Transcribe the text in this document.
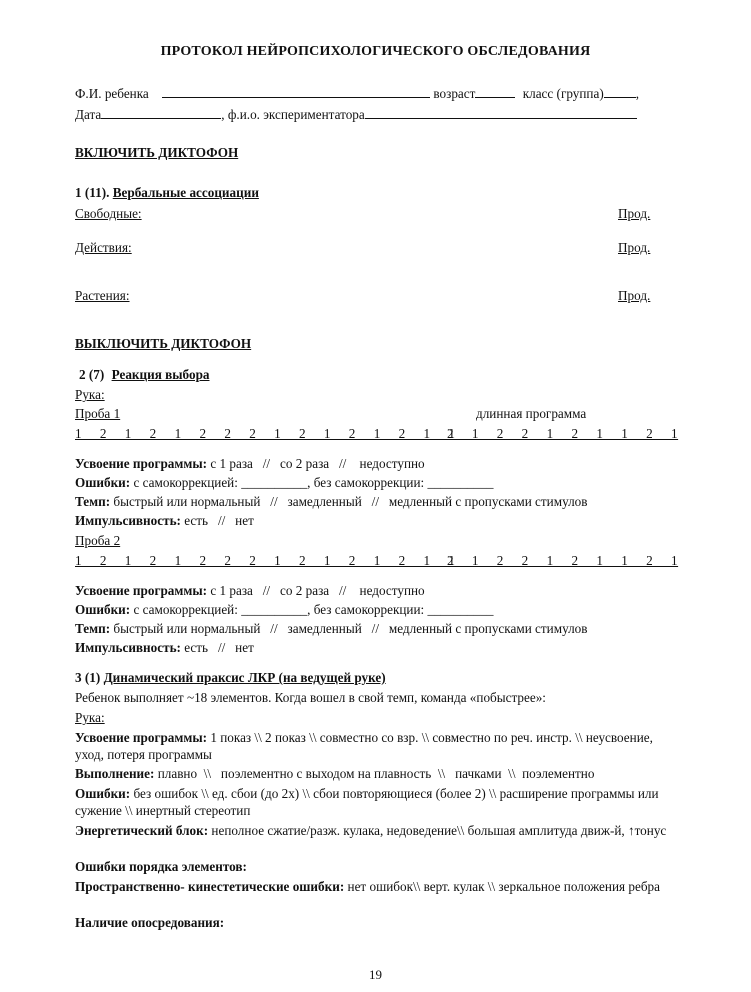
ПРОТОКОЛ НЕЙРОПСИХОЛОГИЧЕСКОГО ОБСЛЕДОВАНИЯ
Ф.И. ребенка	возраст	класс (группа) ,
Дата	, ф.и.о. экспериментатора
ВКЛЮЧИТЬ ДИКТОФОН
1 (11). Вербальные ассоциации
Свободные:	Прод.
Действия:	Прод.
Растения:	Прод.
ВЫКЛЮЧИТЬ ДИКТОФОН
2 (7) Реакция выбора
Рука:
Проба 1	длинная программа
1 2 1 2 1 2 2 2 1 2 1 2 1 2 1 1
2 1 2 2 1 2 1 1 2 1
Усвоение программы: с 1 раза   //   со 2 раза   //    недоступно
Ошибки: с самокоррекцией: __________, без самокоррекции: __________
Темп: быстрый или нормальный   //   замедленный   //   медленный с пропусками стимулов
Импульсивность: есть   //   нет
Проба 2
1 2 1 2 1 2 2 2 1 2 1 2 1 2 1 1
2 1 2 2 1 2 1 1 2 1
Усвоение программы: с 1 раза   //   со 2 раза   //    недоступно
Ошибки: с самокоррекцией: __________, без самокоррекции: __________
Темп: быстрый или нормальный   //   замедленный   //   медленный с пропусками стимулов
Импульсивность: есть   //   нет
3 (1) Динамический праксис ЛКР (на ведущей руке)
Ребенок выполняет ~18 элементов. Когда вошел в свой темп, команда «побыстрее»:
Рука:
Усвоение программы: 1 показ \\ 2 показ \\ совместно со взр. \\ совместно по реч. инстр. \\ неусвоение, уход, потеря программы
Выполнение: плавно  \\   поэлементно с выходом на плавность  \\   пачками  \\  поэлементно
Ошибки: без ошибок \\ ед. сбои (до 2х) \\ сбои повторяющиеся (более 2) \\ расширение программы или сужение \\ инертный стереотип
Энергетический блок: неполное сжатие/разж. кулака, недоведение\\ большая амплитуда движ-й, ↑тонус
Ошибки порядка элементов:
Пространственно- кинестетические ошибки: нет ошибок\\ верт. кулак \\ зеркальное положения ребра
Наличие опосредования:
19
